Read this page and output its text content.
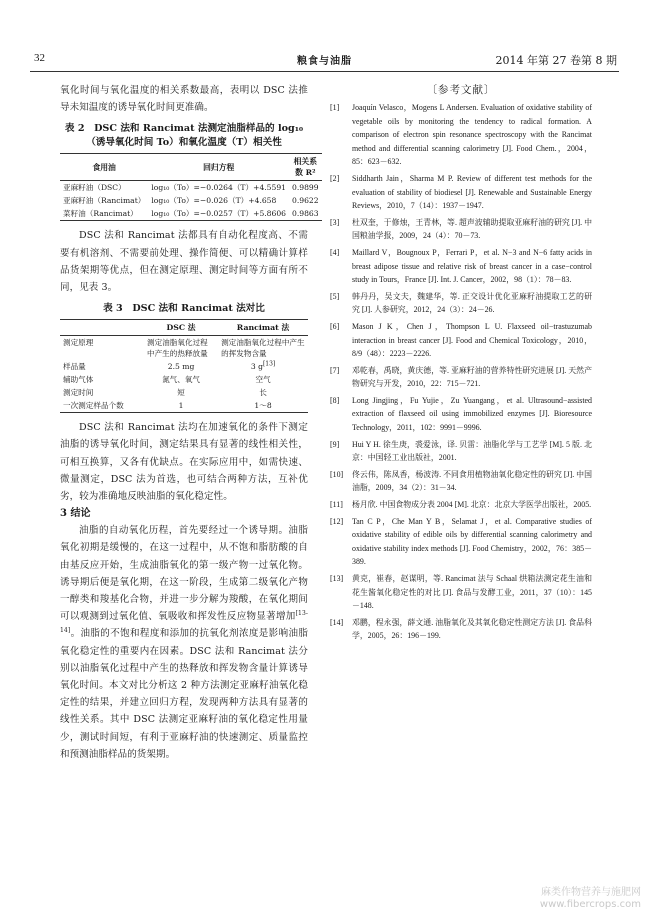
32	粮食与油脂	2014 年第 27 卷第 8 期

氧化时间与氧化温度的相关系数最高，表明以 DSC 法推导未知温度的诱导氧化时间更准确。

表 2　DSC 法和 Rancimat 法测定油脂样品的 log₁₀
（诱导氧化时间 To）和氧化温度（T）相关性
食用油	回归方程	相关系数 R²
亚麻籽油（DSC）	log₁₀（To）=−0.0264（T）+4.5591	0.9899
亚麻籽油（Rancimat）	log₁₀（To）=−0.026（T）+4.658	0.9622
菜籽油（Rancimat）	log₁₀（To）=−0.0257（T）+5.8606	0.9863

DSC 法和 Rancimat 法都具有自动化程度高、不需要有机溶剂、不需要前处理、操作简便、可以精确计算样品货架期等优点，但在测定原理、测定时间等方面有所不同，见表 3。

表 3　DSC 法和 Rancimat 法对比
	DSC 法	Rancimat 法
测定原理	测定油脂氧化过程中产生的热释放量	测定油脂氧化过程中产生的挥发物含量
样品量	2.5 mg	3 g[13]
辅助气体	氮气、氧气	空气
测定时间	短	长
一次测定样品个数	1	1～8

DSC 法和 Rancimat 法均在加速氧化的条件下测定油脂的诱导氧化时间，测定结果具有显著的线性相关性，可相互换算，又各有优缺点。在实际应用中，如需快速、微量测定，DSC 法为首选，也可结合两种方法，互补优劣，较为准确地反映油脂的氧化稳定性。

3 结论

油脂的自动氧化历程，首先要经过一个诱导期。油脂氧化初期是缓慢的，在这一过程中，从不饱和脂肪酸的自由基反应开始，生成油脂氧化的第一级产物一过氧化物。诱导期后便是氧化期，在这一阶段，生成第二级氧化产物一醇类和羧基化合物，并进一步分解为羧酸，在氧化期间可以观测到过氧化值、氧吸收和挥发性反应物显著增加[13-14]。油脂的不饱和程度和添加的抗氧化剂浓度是影响油脂氧化稳定性的重要内在因素。DSC 法和 Rancimat 法分别以油脂氧化过程中产生的热释放和挥发物含量计算诱导氧化时间。本文对比分析这 2 种方法测定亚麻籽油氧化稳定性的结果，并建立回归方程，发现两种方法具有显著的线性关系。其中 DSC 法测定亚麻籽油的氧化稳定性用量少，测试时间短，有利于亚麻籽油的快速测定、质量监控和预测油脂样品的货架期。

〔参考文献〕
[1] Joaquín Velasco，Mogens L Andersen. Evaluation of oxidative stability of vegetable oils by monitoring the tendency to radical formation. A comparison of electron spin resonance spectroscopy with the Rancimat method and differential scanning calorimetry [J]. Food Chem.，2004，85：623－632.
[2] Siddharth Jain，Sharma M P. Review of different test methods for the evaluation of stability of biodiesel [J]. Renewable and Sustainable Energy Reviews，2010，7（14）：1937－1947.
[3] 杜双奎，于修烛，王青林，等. 超声波辅助提取亚麻籽油的研究 [J]. 中国粮油学报，2009，24（4）：70－73.
[4] Maillard V，Bougnoux P，Ferrari P，et al. N−3 and N−6 fatty acids in breast adipose tissue and relative risk of breast cancer in a case−control study in Tours，France [J]. Int. J. Cancer，2002，98（1）：78－83.
[5] 韩丹丹，吴文夫，魏建华，等. 正交设计优化亚麻籽油提取工艺的研究 [J]. 人参研究，2012，24（3）：24－26.
[6] Mason J K，Chen J，Thompson L U. Flaxseed oil−trastuzumab interaction in breast cancer [J]. Food and Chemical Toxicology，2010，8/9（48）：2223－2226.
[7] 邓乾春，禹晓，黄庆德，等. 亚麻籽油的营养特性研究进展 [J]. 天然产物研究与开发，2010，22：715－721.
[8] Long Jingjing，Fu Yujie，Zu Yuangang，et al. Ultrasound−assisted extraction of flaxseed oil using immobilized enzymes [J]. Bioresource Technology，2011，102：9991－9996.
[9] Hui Y H. 徐生庚，裘爱泳，译. 贝雷：油脂化学与工艺学 [M]. 5 版. 北京：中国轻工业出版社，2001.
[10] 佟云伟，陈凤香，杨波涛. 不同食用植物油氧化稳定性的研究 [J]. 中国油脂，2009，34（2）：31－34.
[11] 杨月欣. 中国食物成分表 2004 [M]. 北京：北京大学医学出版社，2005.
[12] Tan C P，Che Man Y B，Selamat J，et al. Comparative studies of oxidative stability of edible oils by differential scanning calorimetry and oxidative stability index methods [J]. Food Chemistry，2002，76：385－389.
[13] 黄克，崔春，赵谋明，等. Rancimat 法与 Schaal 烘箱法测定花生油和花生酱氧化稳定性的对比 [J]. 食品与发酵工业，2011，37（10）：145－148.
[14] 邓鹏，程永强，薛文通. 油脂氧化及其氧化稳定性测定方法 [J]. 食品科学，2005，26：196－199.
麻类作物营养与施肥网
www.fibercrops.com
